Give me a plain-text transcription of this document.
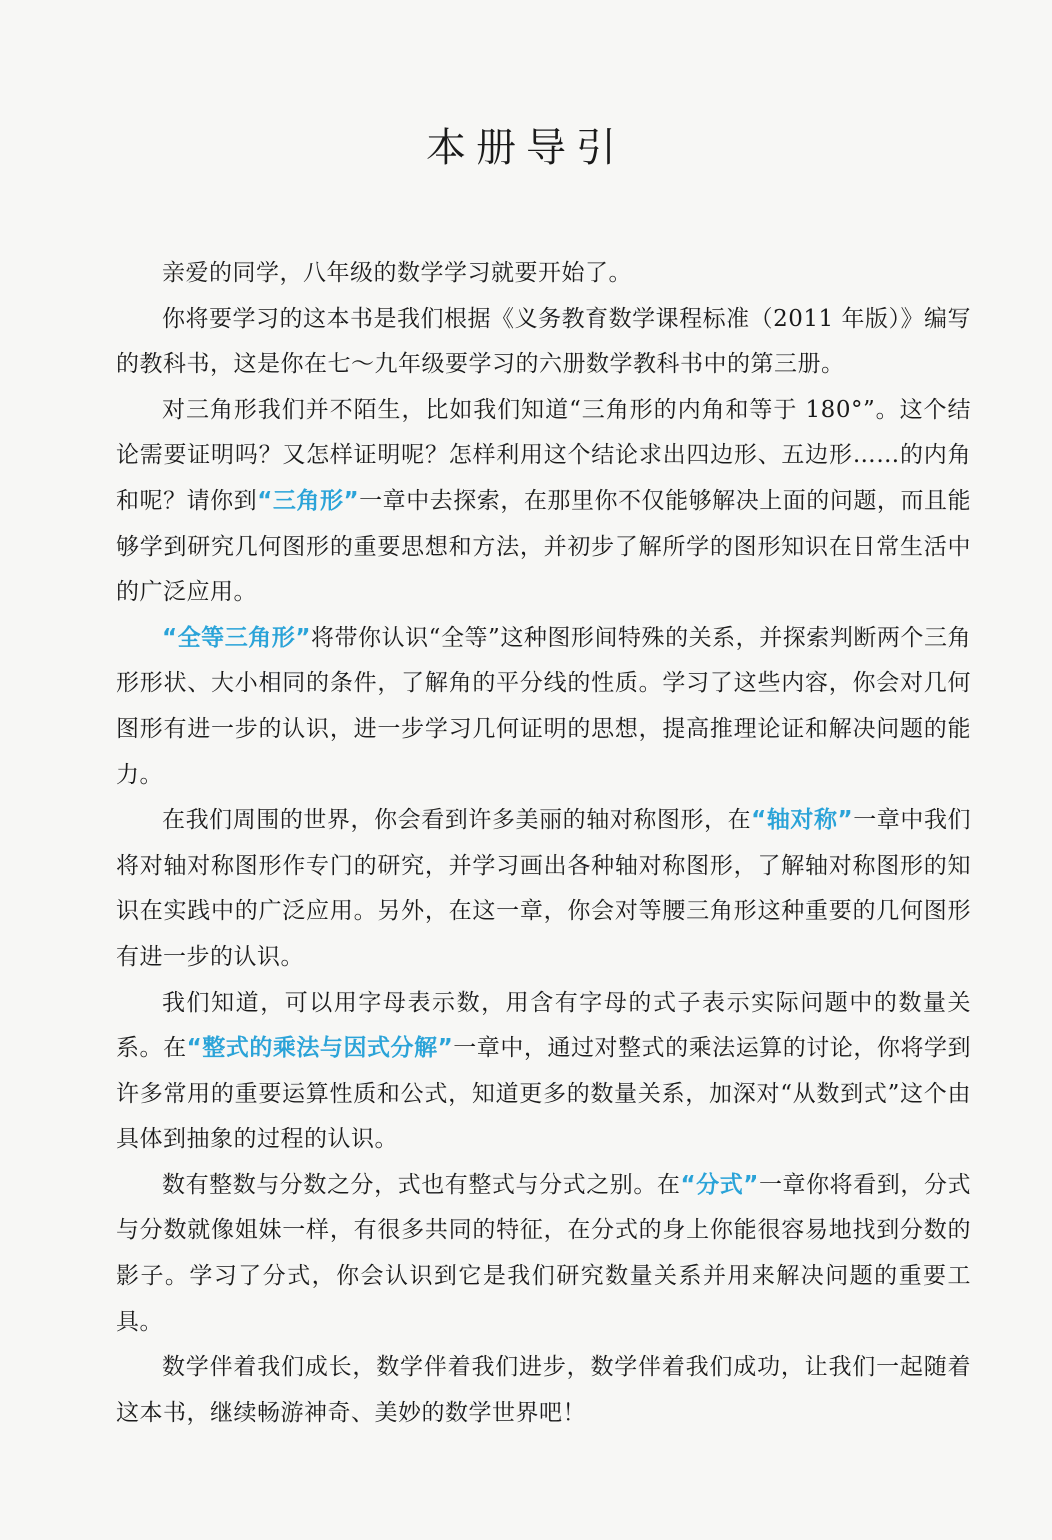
本册导引

亲爱的同学，八年级的数学学习就要开始了。

你将要学习的这本书是我们根据《义务教育数学课程标准（2011 年版）》编写的教科书，这是你在七～九年级要学习的六册数学教科书中的第三册。

对三角形我们并不陌生，比如我们知道“三角形的内角和等于 180°”。这个结论需要证明吗？又怎样证明呢？怎样利用这个结论求出四边形、五边形……的内角和呢？请你到“三角形”一章中去探索，在那里你不仅能够解决上面的问题，而且能够学到研究几何图形的重要思想和方法，并初步了解所学的图形知识在日常生活中的广泛应用。

“全等三角形”将带你认识“全等”这种图形间特殊的关系，并探索判断两个三角形形状、大小相同的条件，了解角的平分线的性质。学习了这些内容，你会对几何图形有进一步的认识，进一步学习几何证明的思想，提高推理论证和解决问题的能力。

在我们周围的世界，你会看到许多美丽的轴对称图形，在“轴对称”一章中我们将对轴对称图形作专门的研究，并学习画出各种轴对称图形，了解轴对称图形的知识在实践中的广泛应用。另外，在这一章，你会对等腰三角形这种重要的几何图形有进一步的认识。

我们知道，可以用字母表示数，用含有字母的式子表示实际问题中的数量关系。在“整式的乘法与因式分解”一章中，通过对整式的乘法运算的讨论，你将学到许多常用的重要运算性质和公式，知道更多的数量关系，加深对“从数到式”这个由具体到抽象的过程的认识。

数有整数与分数之分，式也有整式与分式之别。在“分式”一章你将看到，分式与分数就像姐妹一样，有很多共同的特征，在分式的身上你能很容易地找到分数的影子。学习了分式，你会认识到它是我们研究数量关系并用来解决问题的重要工具。

数学伴着我们成长，数学伴着我们进步，数学伴着我们成功，让我们一起随着这本书，继续畅游神奇、美妙的数学世界吧！
